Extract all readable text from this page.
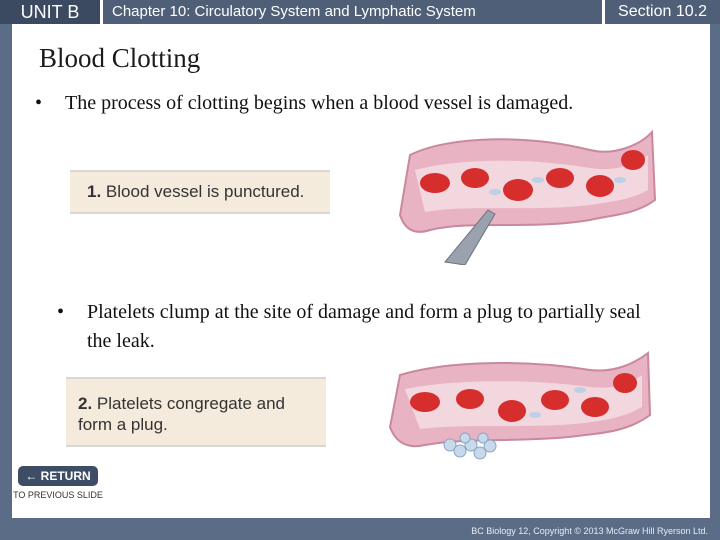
UNIT B	Chapter 10: Circulatory System and Lymphatic System	Section 10.2
Blood Clotting
• The process of clotting begins when a blood vessel is damaged.
1. Blood vessel is punctured.
• Platelets clump at the site of damage and form a plug to partially seal the leak.
2. Platelets congregate and form a plug.
← RETURN
TO PREVIOUS SLIDE
BC Biology 12, Copyright © 2013 McGraw Hill Ryerson Ltd.
